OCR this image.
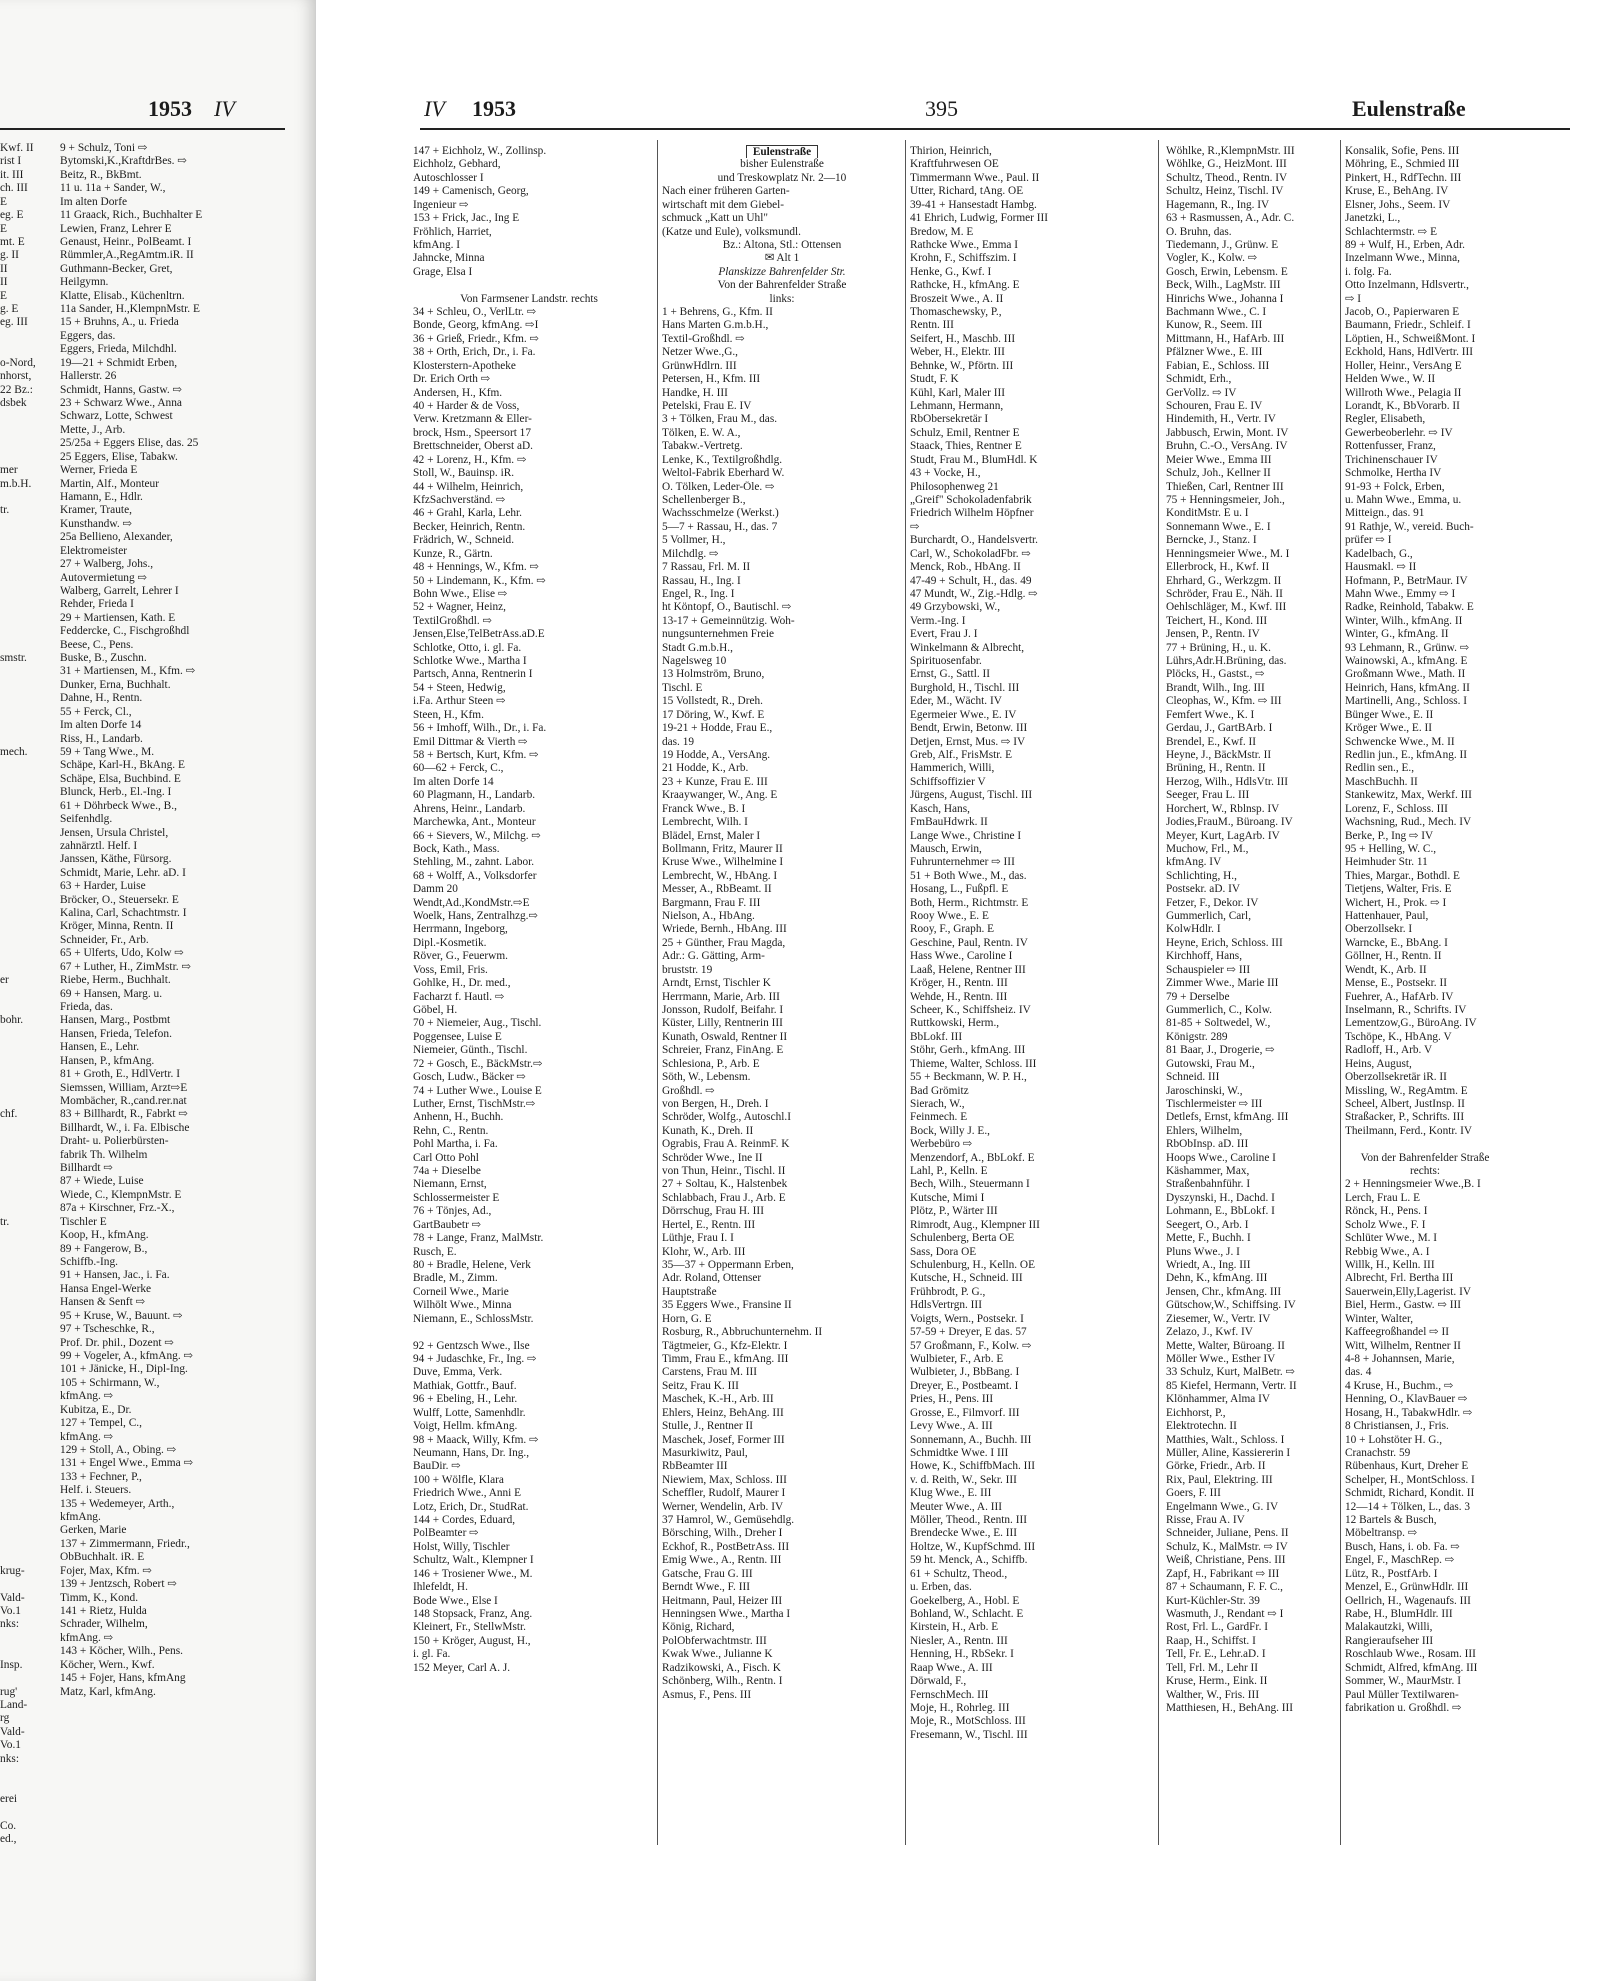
1953 IV
Kwf. II
rist I
it. III
ch. III
E
eg. E
E
mt. E
g. II
II
II
E
g. E
eg. III
o-Nord,
nhorst,
22 Bz.:
dsbek
mer
m.b.H.
tr.
smstr.
mech.
er
bohr.
chf.
tr.
krug-
Vald-
Vo.1
nks:
Insp.
rug'
Land-
rg
Vald-
Vo.1
nks:
erei
Co.
ed.,
9 + Schulz, Toni ⇨
Bytomski,K.,KraftdrBes. ⇨
Beitz, R., BkBmt.
11 u. 11a + Sander, W.,
Im alten Dorfe
11 Graack, Rich., Buchhalter E
Lewien, Franz, Lehrer E
Genaust, Heinr., PolBeamt. I
Rümmler,A.,RegAmtm.iR. II
Guthmann-Becker, Gret,
Heilgymn.
Klatte, Elisab., Küchenltrn.
11a Sander, H.,KlempnMstr. E
15 + Bruhns, A., u. Frieda
Eggers, das.
Eggers, Frieda, Milchdhl.
19—21 + Schmidt Erben,
Hallerstr. 26
Schmidt, Hanns, Gastw. ⇨
23 + Schwarz Wwe., Anna
Schwarz, Lotte, Schwest
Mette, J., Arb.
25/25a + Eggers Elise, das. 25
25 Eggers, Elise, Tabakw.
Werner, Frieda E
Martin, Alf., Monteur
Hamann, E., Hdlr.
Kramer, Traute,
Kunsthandw. ⇨
25a Bellieno, Alexander,
Elektromeister
27 + Walberg, Johs.,
Autovermietung ⇨
Walberg, Garrelt, Lehrer I
Rehder, Frieda I
29 + Martiensen, Kath. E
Feddercke, C., Fischgroßhdl
Beese, C., Pens.
Buske, B., Zuschn.
31 + Martiensen, M., Kfm. ⇨
Dunker, Erna, Buchhalt.
Dahne, H., Rentn.
55 + Ferck, Cl.,
Im alten Dorfe 14
Riss, H., Landarb.
59 + Tang Wwe., M.
Schäpe, Karl-H., BkAng. E
Schäpe, Elsa, Buchbind. E
Blunck, Herb., El.-Ing. I
61 + Döhrbeck Wwe., B.,
Seifenhdlg.
Jensen, Ursula Christel,
zahnärztl. Helf. I
Janssen, Käthe, Fürsorg.
Schmidt, Marie, Lehr. aD. I
63 + Harder, Luise
Bröcker, O., Steuersekr. E
Kalina, Carl, Schachtmstr. I
Kröger, Minna, Rentn. II
Schneider, Fr., Arb.
65 + Ulferts, Udo, Kolw ⇨
67 + Luther, H., ZimMstr. ⇨
Riebe, Herm., Buchhalt.
69 + Hansen, Marg. u.
Frieda, das.
Hansen, Marg., Postbmt
Hansen, Frieda, Telefon.
Hansen, E., Lehr.
Hansen, P., kfmAng.
81 + Groth, E., HdlVertr. I
Siemssen, William, Arzt⇨E
Mombächer, R.,cand.rer.nat
83 + Billhardt, R., Fabrkt ⇨
Billhardt, W., i. Fa. Elbische
Draht- u. Polierbürsten-
fabrik Th. Wilhelm
Billhardt ⇨
87 + Wiede, Luise
Wiede, C., KlempnMstr. E
87a + Kirschner, Frz.-X.,
Tischler E
Koop, H., kfmAng.
89 + Fangerow, B.,
Schiffb.-Ing.
91 + Hansen, Jac., i. Fa.
Hansa Engel-Werke
Hansen & Senft ⇨
95 + Kruse, W., Bauunt. ⇨
97 + Tscheschke, R.,
Prof. Dr. phil., Dozent ⇨
99 + Vogeler, A., kfmAng. ⇨
101 + Jänicke, H., Dipl-Ing.
105 + Schirmann, W.,
kfmAng. ⇨
Kubitza, E., Dr.
127 + Tempel, C.,
kfmAng. ⇨
129 + Stoll, A., Obing. ⇨
131 + Engel Wwe., Emma ⇨
133 + Fechner, P.,
Helf. i. Steuers.
135 + Wedemeyer, Arth.,
kfmAng.
Gerken, Marie
137 + Zimmermann, Friedr.,
ObBuchhalt. iR. E
Fojer, Max, Kfm. ⇨
139 + Jentzsch, Robert ⇨
Timm, K., Kond.
141 + Rietz, Hulda
Schrader, Wilhelm,
kfmAng. ⇨
143 + Köcher, Wilh., Pens.
Köcher, Wern., Kwf.
145 + Fojer, Hans, kfmAng
Matz, Karl, kfmAng.
IV 1953	395	Eulenstraße
147 + Eichholz, W., Zollinsp.
Eichholz, Gebhard,
Autoschlosser I
149 + Camenisch, Georg,
Ingenieur ⇨
153 + Frick, Jac., Ing E
Fröhlich, Harriet,
kfmAng. I
Jahncke, Minna
Grage, Elsa I
Von Farmsener Landstr. rechts
34 + Schleu, O., VerlLtr. ⇨
Bonde, Georg, kfmAng. ⇨I
36 + Grieß, Friedr., Kfm. ⇨
38 + Orth, Erich, Dr., i. Fa.
Klosterstern-Apotheke
Dr. Erich Orth ⇨
Andersen, H., Kfm.
40 + Harder & de Voss,
Verw. Kretzmann & Eller-
brock, Hsm., Speersort 17
Brettschneider, Oberst aD.
42 + Lorenz, H., Kfm. ⇨
Stoll, W., Bauinsp. iR.
44 + Wilhelm, Heinrich,
KfzSachverständ. ⇨
46 + Grahl, Karla, Lehr.
Becker, Heinrich, Rentn.
Frädrich, W., Schneid.
Kunze, R., Gärtn.
48 + Hennings, W., Kfm. ⇨
50 + Lindemann, K., Kfm. ⇨
Bohn Wwe., Elise ⇨
52 + Wagner, Heinz,
TextilGroßhdl. ⇨
Jensen,Else,TelBetrAss.aD.E
Schlotke, Otto, i. gl. Fa.
Schlotke Wwe., Martha I
Partsch, Anna, Rentnerin I
54 + Steen, Hedwig,
i.Fa. Arthur Steen ⇨
Steen, H., Kfm.
56 + Imhoff, Wilh., Dr., i. Fa.
Emil Dittmar & Vierth ⇨
58 + Bertsch, Kurt, Kfm. ⇨
60—62 + Ferck, C.,
Im alten Dorfe 14
60 Plagmann, H., Landarb.
Ahrens, Heinr., Landarb.
Marchewka, Ant., Monteur
66 + Sievers, W., Milchg. ⇨
Bock, Kath., Mass.
Stehling, M., zahnt. Labor.
68 + Wolff, A., Volksdorfer
Damm 20
Wendt,Ad.,KondMstr.⇨E
Woelk, Hans, Zentralhzg.⇨
Herrmann, Ingeborg,
Dipl.-Kosmetik.
Röver, G., Feuerwm.
Voss, Emil, Fris.
Gohlke, H., Dr. med.,
Facharzt f. Hautl. ⇨
Göbel, H.
70 + Niemeier, Aug., Tischl.
Poggensee, Luise E
Niemeier, Günth., Tischl.
72 + Gosch, E., BäckMstr.⇨
Gosch, Ludw., Bäcker ⇨
74 + Luther Wwe., Louise E
Luther, Ernst, TischMstr.⇨
Anhenn, H., Buchh.
Rehn, C., Rentn.
Pohl Martha, i. Fa.
Carl Otto Pohl
74a + Dieselbe
Niemann, Ernst,
Schlossermeister E
76 + Tönjes, Ad.,
GartBaubetr ⇨
78 + Lange, Franz, MalMstr.
Rusch, E.
80 + Bradle, Helene, Verk
Bradle, M., Zimm.
Corneil Wwe., Marie
Wilhölt Wwe., Minna
Niemann, E., SchlossMstr.
92 + Gentzsch Wwe., Ilse
94 + Judaschke, Fr., Ing. ⇨
Duve, Emma, Verk.
Mathiak, Gottfr., Bauf.
96 + Ebeling, H., Lehr.
Wulff, Lotte, Samenhdlr.
Voigt, Hellm. kfmAng.
98 + Maack, Willy, Kfm. ⇨
Neumann, Hans, Dr. Ing.,
BauDir. ⇨
100 + Wölfle, Klara
Friedrich Wwe., Anni E
Lotz, Erich, Dr., StudRat.
144 + Cordes, Eduard,
PolBeamter ⇨
Holst, Willy, Tischler
Schultz, Walt., Klempner I
146 + Trosiener Wwe., M.
Ihlefeldt, H.
Bode Wwe., Else I
148 Stopsack, Franz, Ang.
Kleinert, Fr., StellwMstr.
150 + Kröger, August, H.,
i. gl. Fa.
152 Meyer, Carl A. J.
Eulenstraße
bisher Eulenstraße
und Treskowplatz Nr. 2—10
Nach einer früheren Garten-
wirtschaft mit dem Giebel-
schmuck „Katt un Uhl"
(Katze und Eule), volksmundl.
Bz.: Altona, Stl.: Ottensen
✉ Alt 1
Planskizze Bahrenfelder Str.
Von der Bahrenfelder Straße
links:
1 + Behrens, G., Kfm. II
Hans Marten G.m.b.H.,
Textil-Großhdl. ⇨
Netzer Wwe.,G.,
GrünwHdlrn. III
Petersen, H., Kfm. III
Handke, H. III
Petelski, Frau E. IV
3 + Tölken, Frau M., das.
Tölken, E. W. A.,
Tabakw.-Vertretg.
Lenke, K., Textilgroßhdlg.
Weltol-Fabrik Eberhard W.
O. Tölken, Leder-Öle. ⇨
Schellenberger B.,
Wachsschmelze (Werkst.)
5—7 + Rassau, H., das. 7
5 Vollmer, H.,
Milchdlg. ⇨
7 Rassau, Frl. M. II
Rassau, H., Ing. I
Engel, R., Ing. I
ht Köntopf, O., Bautischl. ⇨
13-17 + Gemeinnützig. Woh-
nungsunternehmen Freie
Stadt G.m.b.H.,
Nagelsweg 10
13 Holmström, Bruno,
Tischl. E
15 Vollstedt, R., Dreh.
17 Döring, W., Kwf. E
19-21 + Hodde, Frau E.,
das. 19
19 Hodde, A., VersAng.
21 Hodde, K., Arb.
23 + Kunze, Frau E. III
Kraaywanger, W., Ang. E
Franck Wwe., B. I
Lembrecht, Wilh. I
Blädel, Ernst, Maler I
Bollmann, Fritz, Maurer II
Kruse Wwe., Wilhelmine I
Lembrecht, W., HbAng. I
Messer, A., RbBeamt. II
Bargmann, Frau F. III
Nielson, A., HbAng.
Wriede, Bernh., HbAng. III
25 + Günther, Frau Magda,
Adr.: G. Gätting, Arm-
bruststr. 19
Arndt, Ernst, Tischler K
Herrmann, Marie, Arb. III
Jonsson, Rudolf, Beifahr. I
Küster, Lilly, Rentnerin III
Kunath, Oswald, Rentner II
Schreier, Franz, FinAng. E
Schlesiona, P., Arb. E
Söth, W., Lebensm.
Großhdl. ⇨
von Bergen, H., Dreh. I
Schröder, Wolfg., Autoschl.I
Kunath, K., Dreh. II
Ograbis, Frau A. ReinmF. K
Schröder Wwe., Ine II
von Thun, Heinr., Tischl. II
27 + Soltau, K., Halstenbek
Schlabbach, Frau J., Arb. E
Dörrschug, Frau H. III
Hertel, E., Rentn. III
Lüthje, Frau I. I
Klohr, W., Arb. III
35—37 + Oppermann Erben,
Adr. Roland, Ottenser
Hauptstraße
35 Eggers Wwe., Fransine II
Horn, G. E
Rosburg, R., Abbruchunternehm. II
Tägtmeier, G., Kfz-Elektr. I
Timm, Frau E., kfmAng. III
Carstens, Frau M. III
Seitz, Frau K. III
Maschek, K.-H., Arb. III
Ehlers, Heinz, BehAng. III
Stulle, J., Rentner II
Maschek, Josef, Former III
Masurkiwitz, Paul,
RbBeamter III
Niewiem, Max, Schloss. III
Scheffler, Rudolf, Maurer I
Werner, Wendelin, Arb. IV
37 Hamrol, W., Gemüsehdlg.
Börsching, Wilh., Dreher I
Eckhof, R., PostBetrAss. III
Emig Wwe., A., Rentn. III
Gatsche, Frau G. III
Berndt Wwe., F. III
Heitmann, Paul, Heizer III
Henningsen Wwe., Martha I
König, Richard,
PolObferwachtmstr. III
Kwak Wwe., Julianne K
Radzikowski, A., Fisch. K
Schönberg, Wilh., Rentn. I
Asmus, F., Pens. III
Thirion, Heinrich,
Kraftfuhrwesen OE
Timmermann Wwe., Paul. II
Utter, Richard, tAng. OE
39-41 + Hansestadt Hambg.
41 Ehrich, Ludwig, Former III
Bredow, M. E
Rathcke Wwe., Emma I
Krohn, F., Schiffszim. I
Henke, G., Kwf. I
Rathcke, H., kfmAng. E
Broszeit Wwe., A. II
Thomaschewsky, P.,
Rentn. III
Seifert, H., Maschb. III
Weber, H., Elektr. III
Behnke, W., Pförtn. III
Studt, F. K
Kühl, Karl, Maler III
Lehmann, Hermann,
RbObersekretär I
Schulz, Emil, Rentner E
Staack, Thies, Rentner E
Studt, Frau M., BlumHdl. K
43 + Vocke, H.,
Philosophenweg 21
„Greif" Schokoladenfabrik
Friedrich Wilhelm Höpfner
⇨
Burchardt, O., Handelsvertr.
Carl, W., SchokoladFbr. ⇨
Menck, Rob., HbAng. II
47-49 + Schult, H., das. 49
47 Mundt, W., Zig.-Hdlg. ⇨
49 Grzybowski, W.,
Verm.-Ing. I
Evert, Frau J. I
Winkelmann & Albrecht,
Spirituosenfabr.
Ernst, G., Sattl. II
Burghold, H., Tischl. III
Eder, M., Wächt. IV
Egermeier Wwe., E. IV
Bendt, Erwin, Betonw. III
Detjen, Ernst, Mus. ⇨ IV
Greb, Alf., FrisMstr. E
Hammerich, Willi,
Schiffsoffizier V
Jürgens, August, Tischl. III
Kasch, Hans,
FmBauHdwrk. II
Lange Wwe., Christine I
Mausch, Erwin,
Fuhrunternehmer ⇨ III
51 + Both Wwe., M., das.
Hosang, L., Fußpfl. E
Both, Herm., Richtmstr. E
Rooy Wwe., E. E
Rooy, F., Graph. E
Geschine, Paul, Rentn. IV
Hass Wwe., Caroline I
Laaß, Helene, Rentner III
Kröger, H., Rentn. III
Wehde, H., Rentn. III
Scheer, K., Schiffsheiz. IV
Ruttkowski, Herm.,
BbLokf. III
Stöhr, Gerh., kfmAng. III
Thieme, Walter, Schloss. III
55 + Beckmann, W. P. H.,
Bad Grömitz
Sierach, W.,
Feinmech. E
Bock, Willy J. E.,
Werbebüro ⇨
Menzendorf, A., BbLokf. E
Lahl, P., Kelln. E
Bech, Wilh., Steuermann I
Kutsche, Mimi I
Plötz, P., Wärter III
Rimrodt, Aug., Klempner III
Schulenberg, Berta OE
Sass, Dora OE
Schulenburg, H., Kelln. OE
Kutsche, H., Schneid. III
Frühbrodt, P. G.,
HdlsVertrgn. III
Voigts, Wern., Postsekr. I
57-59 + Dreyer, E das. 57
57 Großmann, F., Kolw. ⇨
Wulbieter, F., Arb. E
Wulbieter, J., BbBang. I
Dreyer, E., Postbeamt. I
Pries, H., Pens. III
Grosse, E., Filmvorf. III
Levy Wwe., A. III
Sonnemann, A., Buchh. III
Schmidtke Wwe. I III
Howe, K., SchiffbMach. III
v. d. Reith, W., Sekr. III
Klug Wwe., E. III
Meuter Wwe., A. III
Möller, Theod., Rentn. III
Brendecke Wwe., E. III
Holtze, W., KupfSchmd. III
59 ht. Menck, A., Schiffb.
61 + Schultz, Theod.,
u. Erben, das.
Goekelberg, A., Hobl. E
Bohland, W., Schlacht. E
Kirstein, H., Arb. E
Niesler, A., Rentn. III
Henning, H., RbSekr. I
Raap Wwe., A. III
Dörwald, F.,
FernschMech. III
Moje, H., Rohrleg. III
Moje, R., MotSchloss. III
Fresemann, W., Tischl. III
Wöhlke, R.,KlempnMstr. III
Wöhlke, G., HeizMont. III
Schultz, Theod., Rentn. IV
Schultz, Heinz, Tischl. IV
Hagemann, R., Ing. IV
63 + Rasmussen, A., Adr. C.
O. Bruhn, das.
Tiedemann, J., Grünw. E
Vogler, K., Kolw. ⇨
Gosch, Erwin, Lebensm. E
Beck, Wilh., LagMstr. III
Hinrichs Wwe., Johanna I
Bachmann Wwe., C. I
Kunow, R., Seem. III
Mittmann, H., HafArb. III
Pfälzner Wwe., E. III
Fabian, E., Schloss. III
Schmidt, Erh.,
GerVollz. ⇨ IV
Schouren, Frau E. IV
Hindemith, H., Vertr. IV
Jabbusch, Erwin, Mont. IV
Bruhn, C.-O., VersAng. IV
Meier Wwe., Emma III
Schulz, Joh., Kellner II
Thießen, Carl, Rentner III
75 + Henningsmeier, Joh.,
KonditMstr. E u. I
Sonnemann Wwe., E. I
Berncke, J., Stanz. I
Henningsmeier Wwe., M. I
Ellerbrock, H., Kwf. II
Ehrhard, G., Werkzgm. II
Schröder, Frau E., Näh. II
Oehlschläger, M., Kwf. III
Teichert, H., Kond. III
Jensen, P., Rentn. IV
77 + Brüning, H., u. K.
Lührs,Adr.H.Brüning, das.
Plöcks, H., Gastst., ⇨
Brandt, Wilh., Ing. III
Cleophas, W., Kfm. ⇨ III
Femfert Wwe., K. I
Gerdau, J., GartBArb. I
Brendel, E., Kwf. II
Heyne, J., BäckMstr. II
Brüning, H., Rentn. II
Herzog, Wilh., HdlsVtr. III
Seeger, Frau L. III
Horchert, W., Rblnsp. IV
Jodies,FrauM., Büroang. IV
Meyer, Kurt, LagArb. IV
Muchow, Frl., M.,
kfmAng. IV
Schlichting, H.,
Postsekr. aD. IV
Fetzer, F., Dekor. IV
Gummerlich, Carl,
KolwHdlr. I
Heyne, Erich, Schloss. III
Kirchhoff, Hans,
Schauspieler ⇨ III
Zimmer Wwe., Marie III
79 + Derselbe
Gummerlich, C., Kolw.
81-85 + Soltwedel, W.,
Königstr. 289
81 Baar, J., Drogerie, ⇨
Gutowski, Frau M.,
Schneid. III
Jaroschinski, W.,
Tischlermeister ⇨ III
Detlefs, Ernst, kfmAng. III
Ehlers, Wilhelm,
RbObInsp. aD. III
Hoops Wwe., Caroline I
Käshammer, Max,
Straßenbahnführ. I
Dyszynski, H., Dachd. I
Lohmann, E., BbLokf. I
Seegert, O., Arb. I
Mette, F., Buchh. I
Pluns Wwe., J. I
Wriedt, A., Ing. III
Dehn, K., kfmAng. III
Jensen, Chr., kfmAng. III
Gütschow,W., Schiffsing. IV
Ziesemer, W., Vertr. IV
Zelazo, J., Kwf. IV
Mette, Walter, Büroang. II
Möller Wwe., Esther IV
33 Schulz, Kurt, MalBetr. ⇨
85 Kiefel, Hermann, Vertr. II
Klönhammer, Alma IV
Eichhorst, P.,
Elektrotechn. II
Matthies, Walt., Schloss. I
Müller, Aline, Kassiererin I
Görke, Friedr., Arb. II
Rix, Paul, Elektring. III
Goers, F. III
Engelmann Wwe., G. IV
Risse, Frau A. IV
Schneider, Juliane, Pens. II
Schulz, K., MalMstr. ⇨ IV
Weiß, Christiane, Pens. III
Zapf, H., Fabrikant ⇨ III
87 + Schaumann, F. F. C.,
Kurt-Küchler-Str. 39
Wasmuth, J., Rendant ⇨ I
Rost, Frl. L., GardFr. I
Raap, H., Schiffst. I
Tell, Fr. E., Lehr.aD. I
Tell, Frl. M., Lehr II
Kruse, Herm., Eink. II
Walther, W., Fris. III
Matthiesen, H., BehAng. III
Konsalik, Sofie, Pens. III
Möhring, E., Schmied III
Pinkert, H., RdfTechn. III
Kruse, E., BehAng. IV
Elsner, Johs., Seem. IV
Janetzki, L.,
Schlachtermstr. ⇨ E
89 + Wulf, H., Erben, Adr.
Inzelmann Wwe., Minna,
i. folg. Fa.
Otto Inzelmann, Hdlsvertr.,
⇨ I
Jacob, O., Papierwaren E
Baumann, Friedr., Schleif. I
Löptien, H., SchweißMont. I
Eckhold, Hans, HdlVertr. III
Holler, Heinr., VersAng E
Helden Wwe., W. II
Willroth Wwe., Pelagia II
Lorandt, K., BbVorarb. II
Regler, Elisabeth,
Gewerbeoberlehr. ⇨ IV
Rottenfusser, Franz,
Trichinenschauer IV
Schmolke, Hertha IV
91-93 + Folck, Erben,
u. Mahn Wwe., Emma, u.
Mitteign., das. 91
91 Rathje, W., vereid. Buch-
prüfer ⇨ I
Kadelbach, G.,
Hausmakl. ⇨ II
Hofmann, P., BetrMaur. IV
Mahn Wwe., Emmy ⇨ I
Radke, Reinhold, Tabakw. E
Winter, Wilh., kfmAng. II
Winter, G., kfmAng. II
93 Lehmann, R., Grünw. ⇨
Wainowski, A., kfmAng. E
Großmann Wwe., Math. II
Heinrich, Hans, kfmAng. II
Martinelli, Ang., Schloss. I
Bünger Wwe., E. II
Kröger Wwe., E. II
Schwencke Wwe., M. II
Redlin jun., E., kfmAng. II
Redlin sen., E.,
MaschBuchh. II
Stankewitz, Max, Werkf. III
Lorenz, F., Schloss. III
Wachsning, Rud., Mech. IV
Berke, P., Ing ⇨ IV
95 + Helling, W. C.,
Heimhuder Str. 11
Thies, Margar., Bothdl. E
Tietjens, Walter, Fris. E
Wichert, H., Prok. ⇨ I
Hattenhauer, Paul,
Oberzollsekr. I
Warncke, E., BbAng. I
Göllner, H., Rentn. II
Wendt, K., Arb. II
Mense, E., Postsekr. II
Fuehrer, A., HafArb. IV
Inselmann, R., Schrifts. IV
Lementzow,G., BüroAng. IV
Tschöpe, K., HbAng. V
Radloff, H., Arb. V
Heins, August,
Oberzollsekretär iR. II
Missling, W., RegAmtm. E
Scheel, Albert, JustInsp. II
Straßacker, P., Schrifts. III
Theilmann, Ferd., Kontr. IV
Von der Bahrenfelder Straße
rechts:
2 + Henningsmeier Wwe.,B. I
Lerch, Frau L. E
Rönck, H., Pens. I
Scholz Wwe., F. I
Schlüter Wwe., M. I
Rebbig Wwe., A. I
Willk, H., Kelln. III
Albrecht, Frl. Bertha III
Sauerwein,Elly,Lagerist. IV
Biel, Herm., Gastw. ⇨ III
Winter, Walter,
Kaffeegroßhandel ⇨ II
Witt, Wilhelm, Rentner II
4-8 + Johannsen, Marie,
das. 4
4 Kruse, H., Buchm., ⇨
Henning, O., KlavBauer ⇨
Hosang, H., TabakwHdlr. ⇨
8 Christiansen, J., Fris.
10 + Lohstöter H. G.,
Cranachstr. 59
Rübenhaus, Kurt, Dreher E
Schelper, H., MontSchloss. I
Schmidt, Richard, Kondit. II
12—14 + Tölken, L., das. 3
12 Bartels & Busch,
Möbeltransp. ⇨
Busch, Hans, i. ob. Fa. ⇨
Engel, F., MaschRep. ⇨
Lütz, R., PostfArb. I
Menzel, E., GrünwHdlr. III
Oellrich, H., Wagenaufs. III
Rabe, H., BlumHdlr. III
Malakautzki, Willi,
Rangieraufseher III
Roschlaub Wwe., Rosam. III
Schmidt, Alfred, kfmAng. III
Sommer, W., MaurMstr. I
Paul Müller Textilwaren-
fabrikation u. Großhdl. ⇨
